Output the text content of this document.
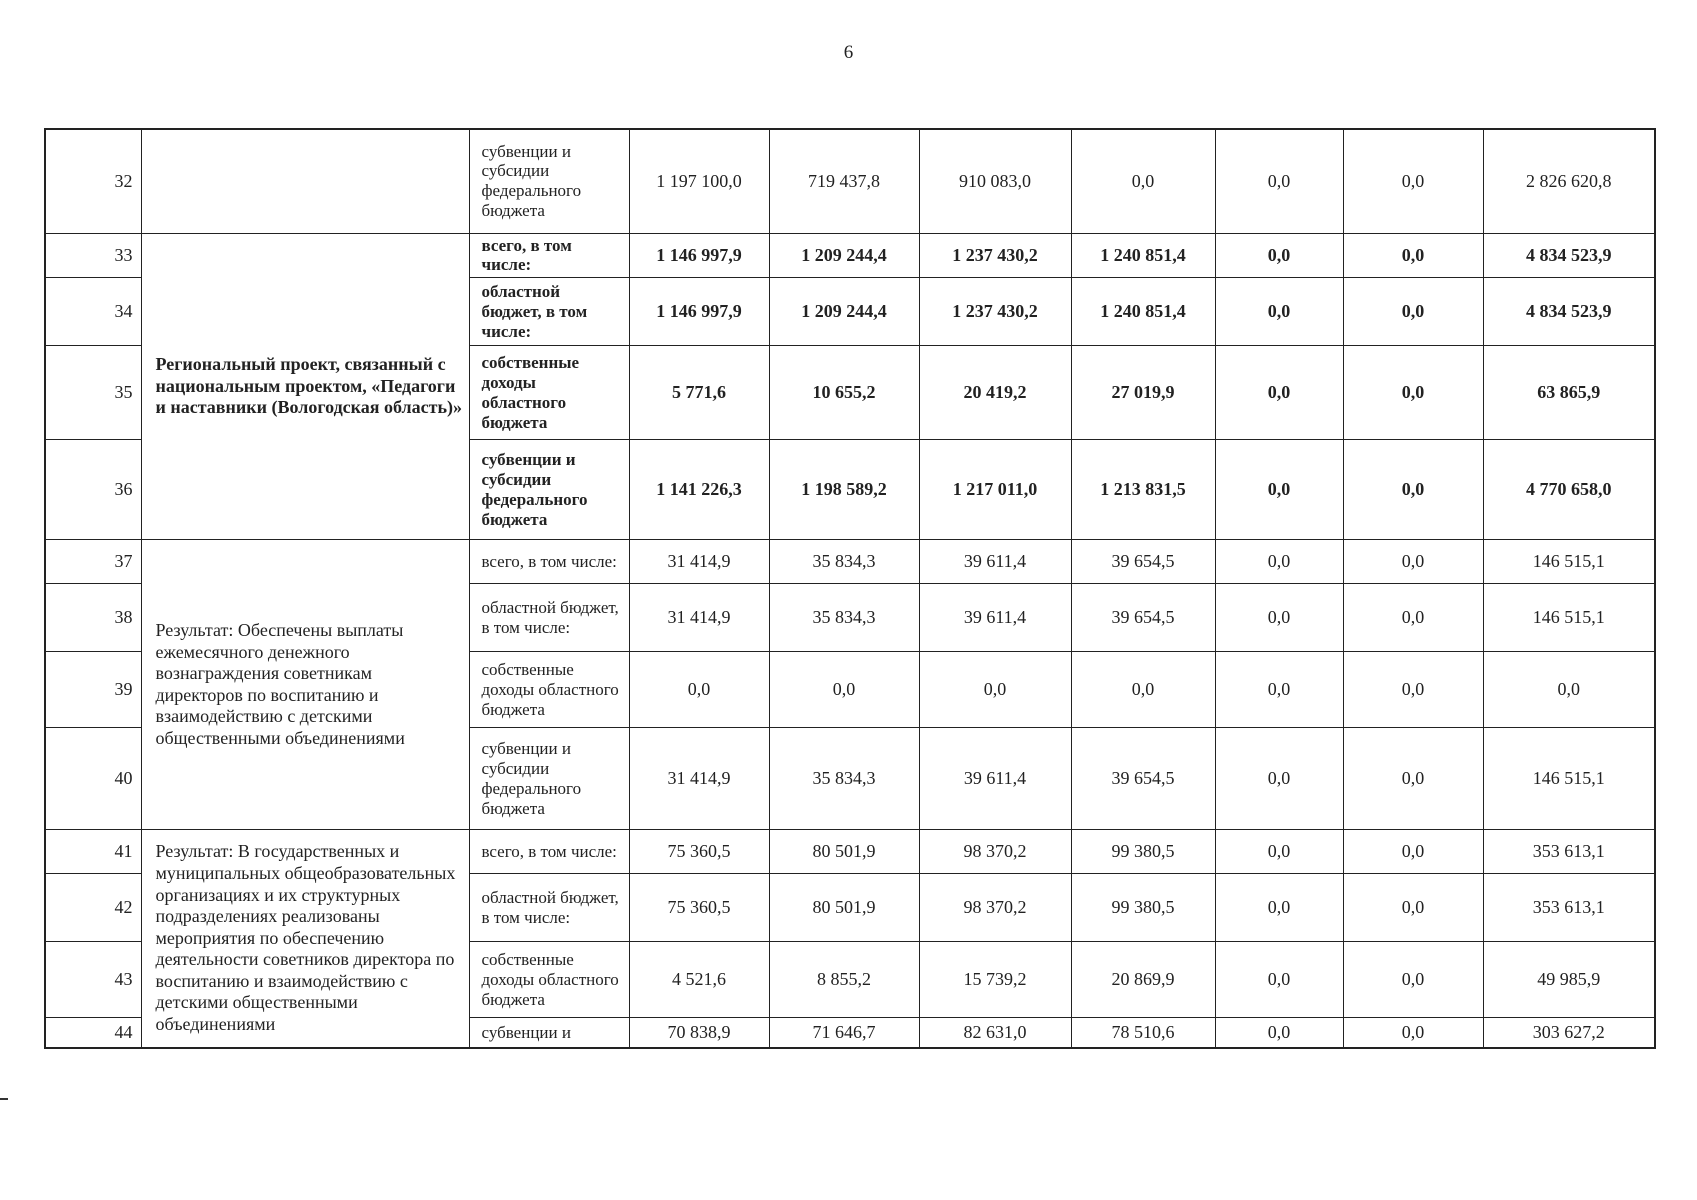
6
32		субвенции и субсидии федерального бюджета	1 197 100,0	719 437,8	910 083,0	0,0	0,0	0,0	2 826 620,8
33	Региональный проект, связанный с национальным проектом, «Педагоги и наставники (Вологодская область)»	всего, в том числе:	1 146 997,9	1 209 244,4	1 237 430,2	1 240 851,4	0,0	0,0	4 834 523,9
34		областной бюджет, в том числе:	1 146 997,9	1 209 244,4	1 237 430,2	1 240 851,4	0,0	0,0	4 834 523,9
35		собственные доходы областного бюджета	5 771,6	10 655,2	20 419,2	27 019,9	0,0	0,0	63 865,9
36		субвенции и субсидии федерального бюджета	1 141 226,3	1 198 589,2	1 217 011,0	1 213 831,5	0,0	0,0	4 770 658,0
37	Результат: Обеспечены выплаты ежемесячного денежного вознаграждения советникам директоров по воспитанию и взаимодействию с детскими общественными объединениями	всего, в том числе:	31 414,9	35 834,3	39 611,4	39 654,5	0,0	0,0	146 515,1
38		областной бюджет, в том числе:	31 414,9	35 834,3	39 611,4	39 654,5	0,0	0,0	146 515,1
39		собственные доходы областного бюджета	0,0	0,0	0,0	0,0	0,0	0,0	0,0
40		субвенции и субсидии федерального бюджета	31 414,9	35 834,3	39 611,4	39 654,5	0,0	0,0	146 515,1
41	Результат: В государственных и муниципальных общеобразовательных организациях и их структурных подразделениях реализованы мероприятия по обеспечению деятельности советников директора по воспитанию и взаимодействию с детскими общественными объединениями	всего, в том числе:	75 360,5	80 501,9	98 370,2	99 380,5	0,0	0,0	353 613,1
42		областной бюджет, в том числе:	75 360,5	80 501,9	98 370,2	99 380,5	0,0	0,0	353 613,1
43		собственные доходы областного бюджета	4 521,6	8 855,2	15 739,2	20 869,9	0,0	0,0	49 985,9
44		субвенции и	70 838,9	71 646,7	82 631,0	78 510,6	0,0	0,0	303 627,2
